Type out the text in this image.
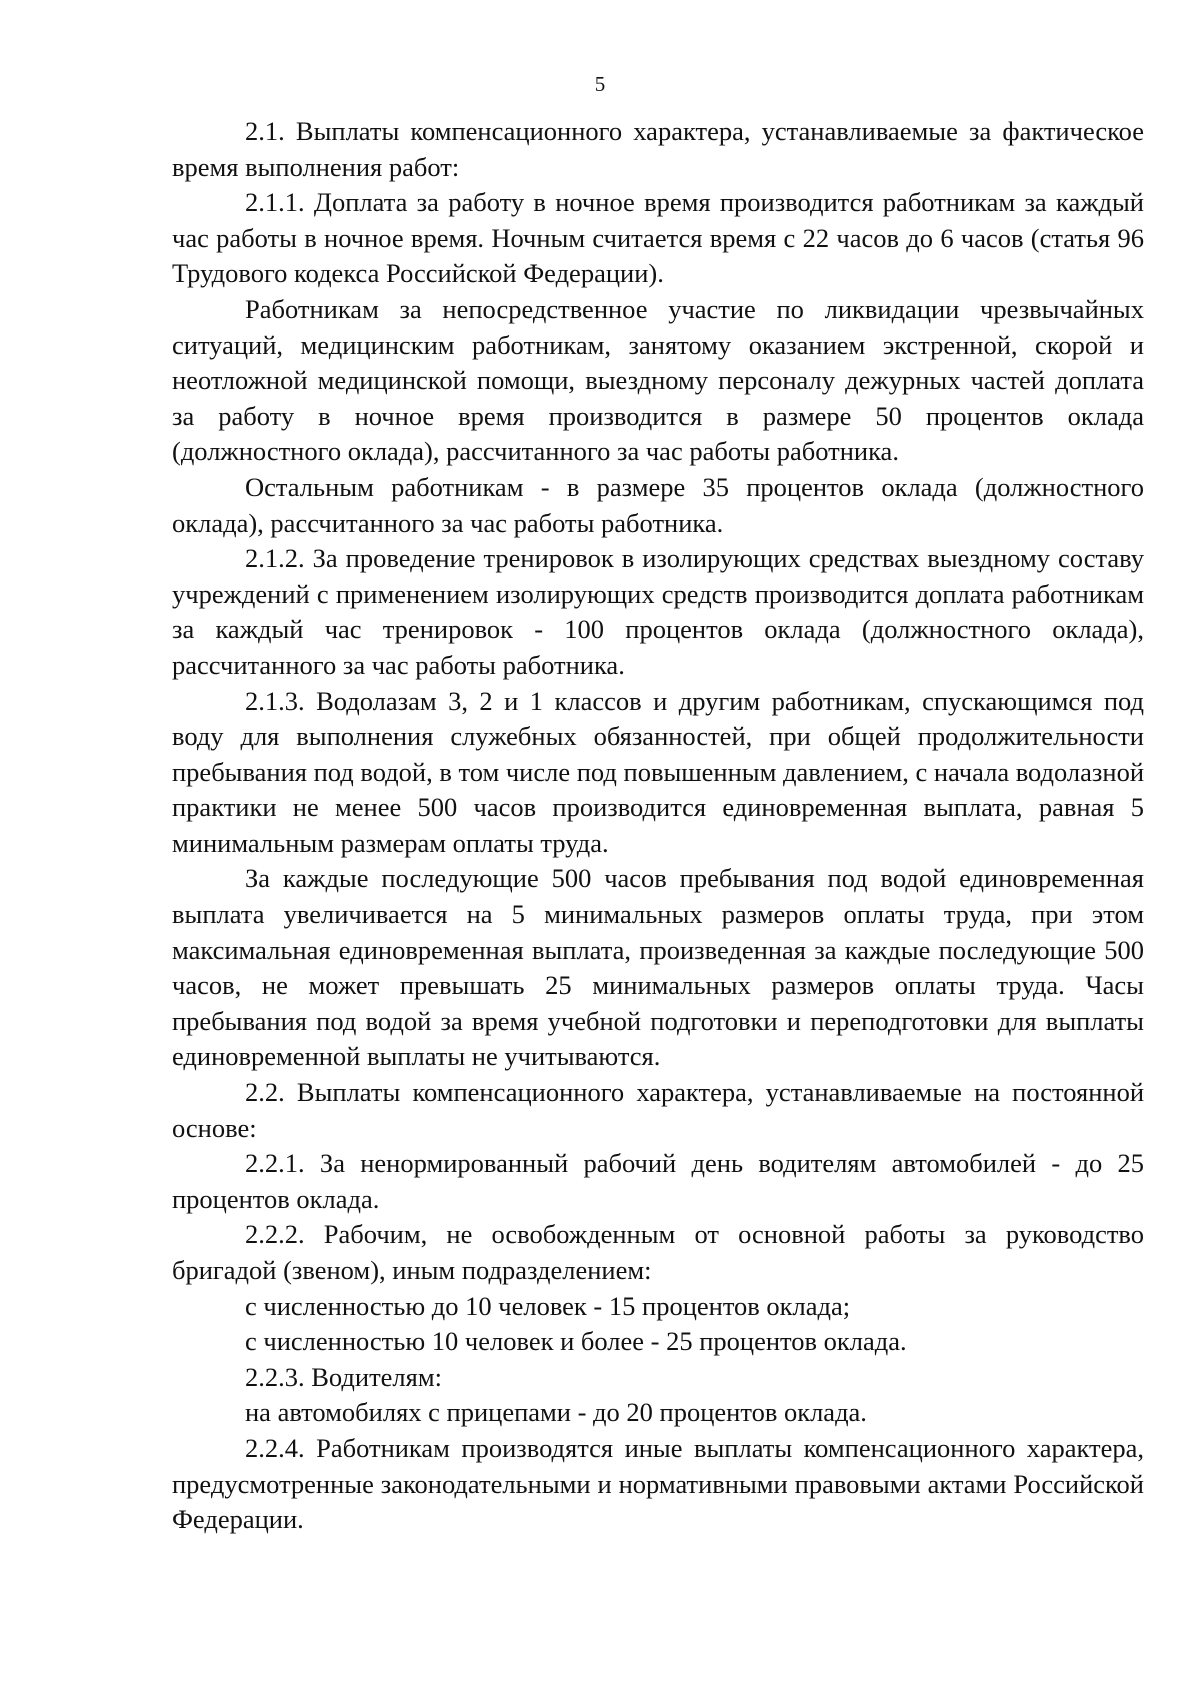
5

2.1. Выплаты компенсационного характера, устанавливаемые за фактическое время выполнения работ:

2.1.1. Доплата за работу в ночное время производится работникам за каждый час работы в ночное время. Ночным считается время с 22 часов до 6 часов (статья 96 Трудового кодекса Российской Федерации).

Работникам за непосредственное участие по ликвидации чрезвычайных ситуаций, медицинским работникам, занятому оказанием экстренной, скорой и неотложной медицинской помощи, выездному персоналу дежурных частей доплата за работу в ночное время производится в размере 50 процентов оклада (должностного оклада), рассчитанного за час работы работника.

Остальным работникам - в размере 35 процентов оклада (должностного оклада), рассчитанного за час работы работника.

2.1.2. За проведение тренировок в изолирующих средствах выездному составу учреждений с применением изолирующих средств производится доплата работникам за каждый час тренировок - 100 процентов оклада (должностного оклада), рассчитанного за час работы работника.

2.1.3. Водолазам 3, 2 и 1 классов и другим работникам, спускающимся под воду для выполнения служебных обязанностей, при общей продолжительности пребывания под водой, в том числе под повышенным давлением, с начала водолазной практики не менее 500 часов производится единовременная выплата, равная 5 минимальным размерам оплаты труда.

За каждые последующие 500 часов пребывания под водой единовременная выплата увеличивается на 5 минимальных размеров оплаты труда, при этом максимальная единовременная выплата, произведенная за каждые последующие 500 часов, не может превышать 25 минимальных размеров оплаты труда. Часы пребывания под водой за время учебной подготовки и переподготовки для выплаты единовременной выплаты не учитываются.

2.2. Выплаты компенсационного характера, устанавливаемые на постоянной основе:

2.2.1. За ненормированный рабочий день водителям автомобилей - до 25 процентов оклада.

2.2.2. Рабочим, не освобожденным от основной работы за руководство бригадой (звеном), иным подразделением:

с численностью до 10 человек - 15 процентов оклада;

с численностью 10 человек и более - 25 процентов оклада.

2.2.3. Водителям:

на автомобилях с прицепами - до 20 процентов оклада.

2.2.4. Работникам производятся иные выплаты компенсационного характера, предусмотренные законодательными и нормативными правовыми актами Российской Федерации.
